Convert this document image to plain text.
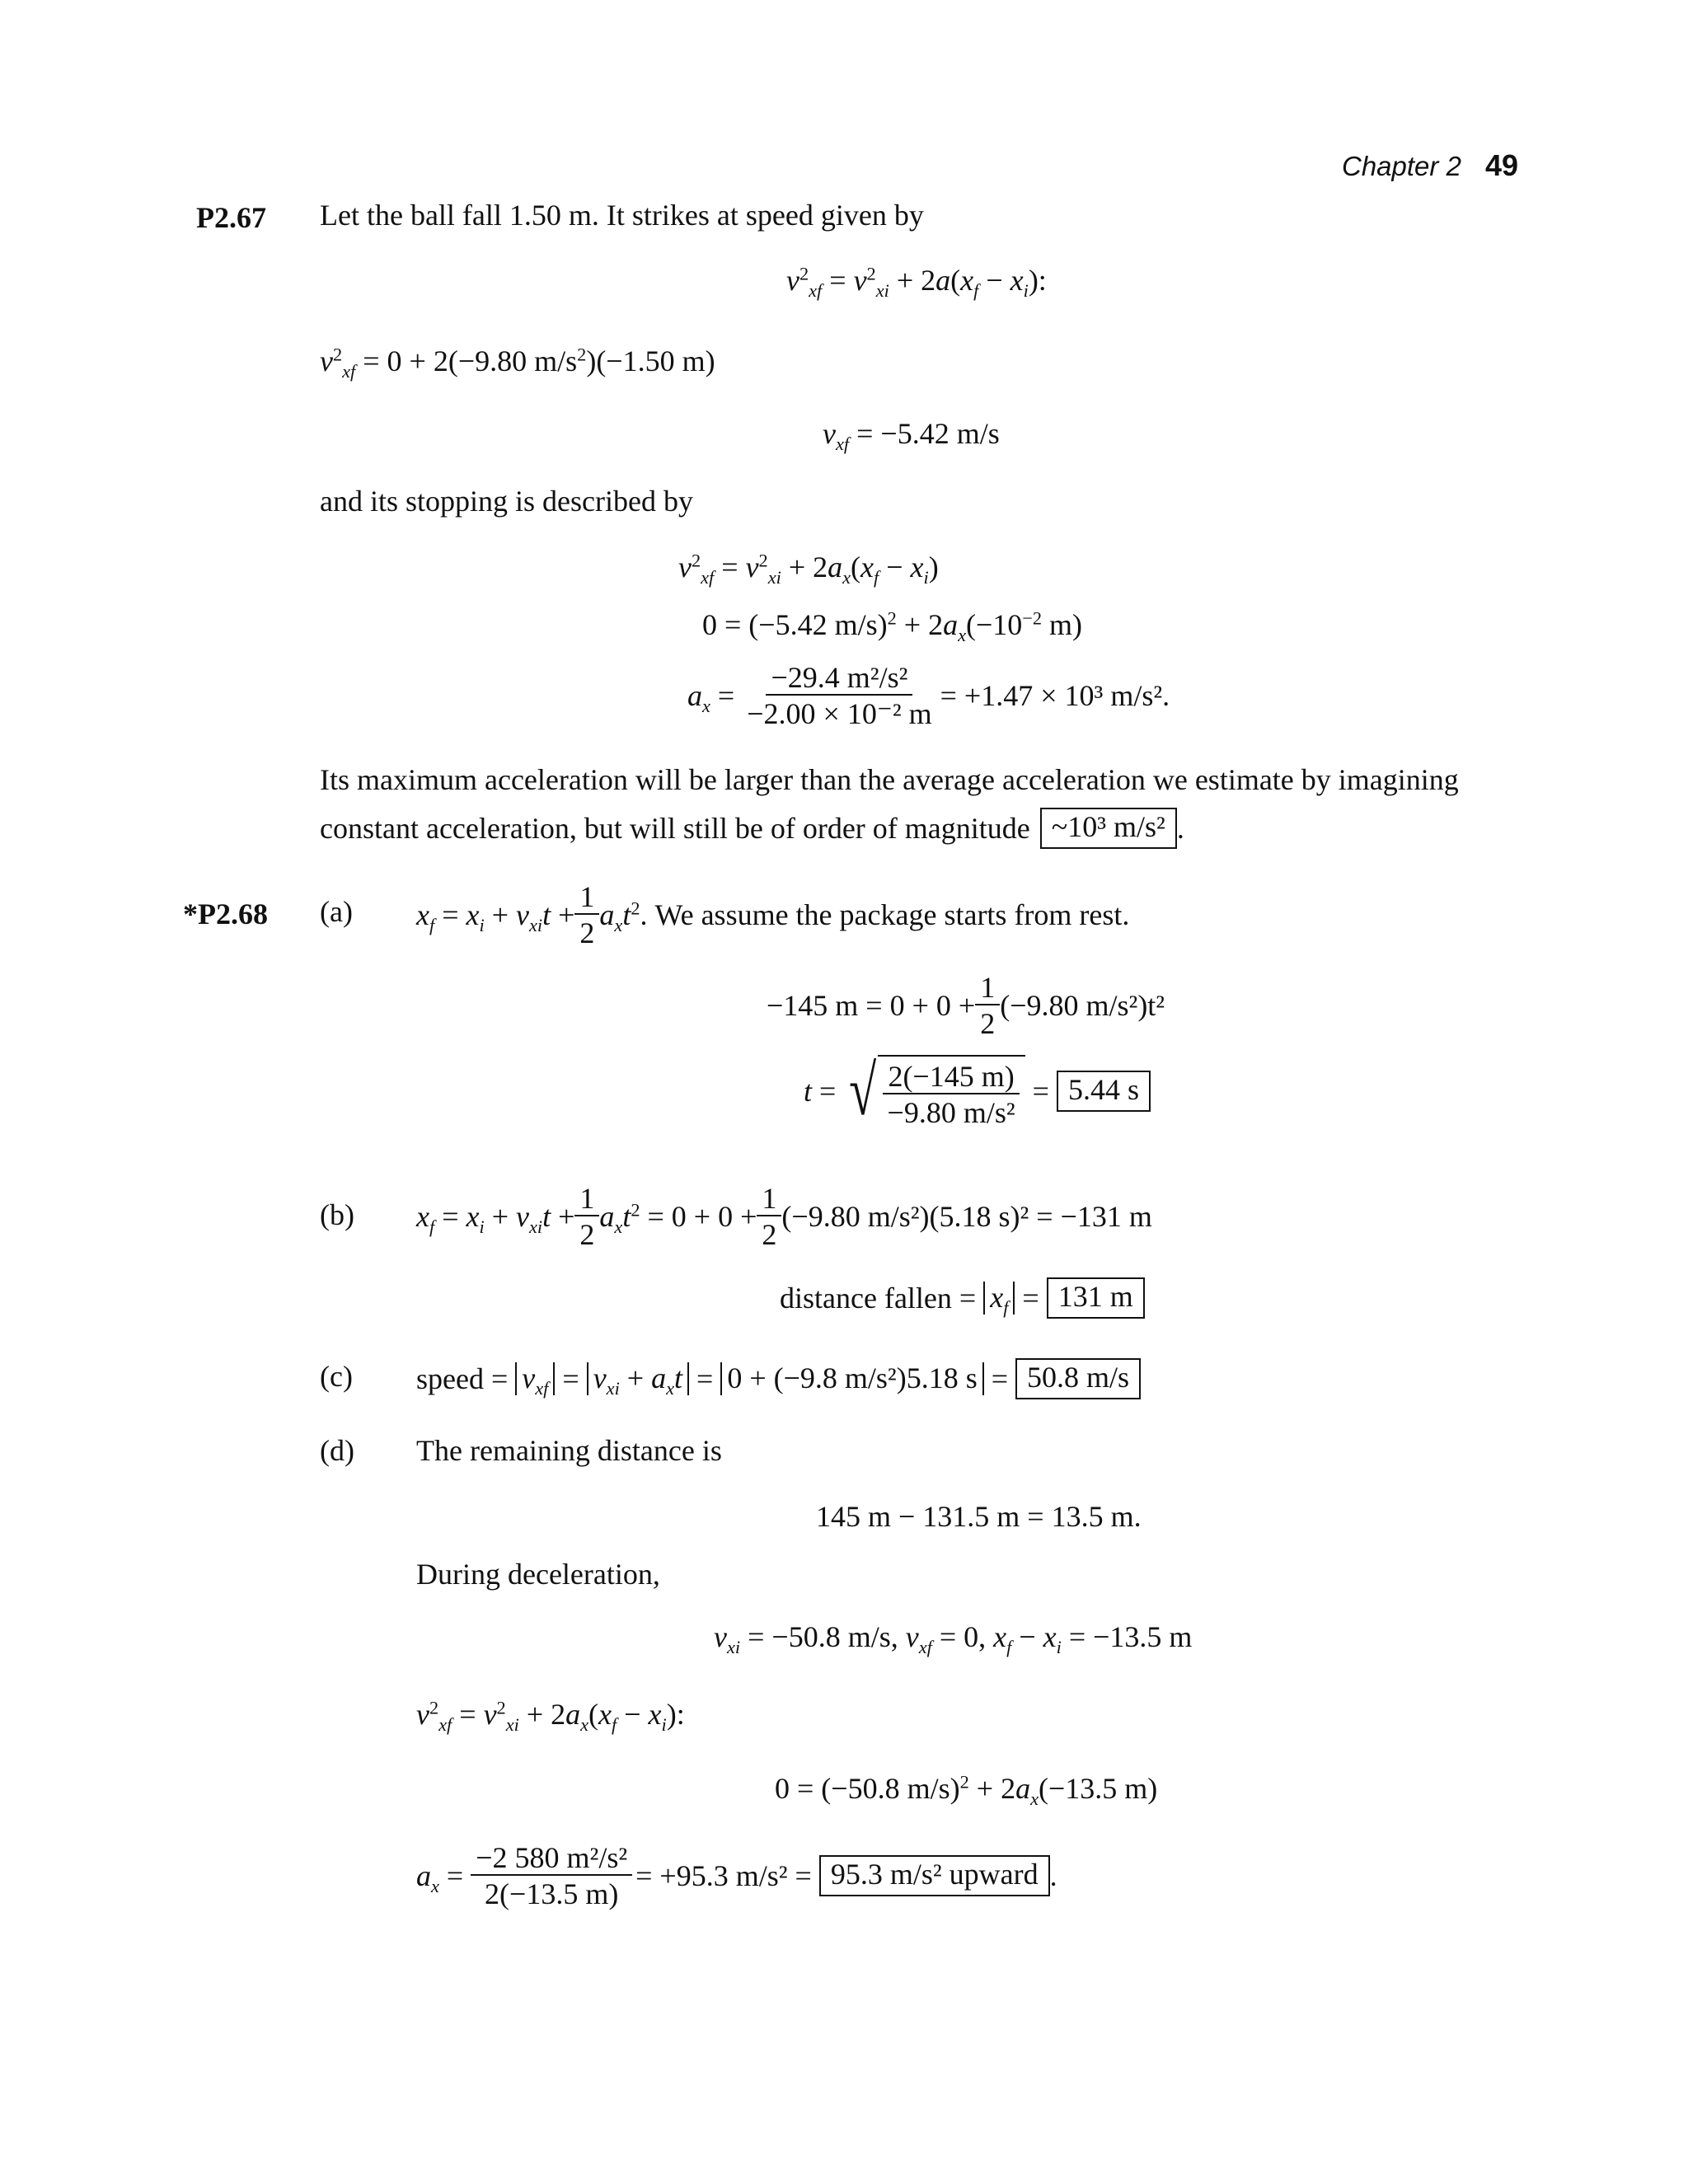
Chapter 2 49
P2.67 Let the ball fall 1.50 m. It strikes at speed given by
$v^2_{xf} = v^2_{xi} + 2a(x_f - x_i)$:
$v^2_{xf} = 0 + 2(-9.80$ $m/s^2)(-1.50$ m)
$v_{xf} = -5.42$ m/s
and its stopping is described by
$v^2_{xf} = v^2_{xi} + 2a_x(x_f - x_i)$
0 = (−5.42 $m/s)^2 + 2a_x(-10^{-2}$ m)
$a_x = \frac{\text{−29.4 m²/s²}}{\text{−2.00 × 10⁻² m}} = +1.47 \times 10^3$ m/s².
Its maximum acceleration will be larger than the average acceleration we estimate by imagining
constant acceleration, but will still be of order of magnitude ~10³ m/s² .
*P2.68 (a) $x_f = x_i + v_{xi}t + \frac{1}{2} a_xt^2$. We assume the package starts from rest.
−145 $m = 0 + 0 + \frac{1}{2} (-9.80$ m/s²)t²
t = √ $\frac{2(-145 m)}{\text{−9.80 m/s²}} = 5.44$ s
(b) $x_f = x_i + v_{xi}t + \frac{1}{2} a_xt^2 = 0 + 0 + \frac{1}{2} (-9.80$ m/s²)(5.18 s)² = −131 m
distance fallen =
$x_f = 131$ m
(c) speed =
$v_{xf} = v_{xi} + a_xt = 0 + (-9.8$ m/s²)5.18 s = 50.8 m/s
(d) The remaining distance is
145 m − 131.5 m = 13.5 m.
During deceleration,
$v_{xi} = -50.8$ m/s, $v_{xf} = 0$, $x_f - x_i = -13.5$ m
$v^2_{xf} = v^2_{xi} + 2a_x(x_f - x_i)$:
0 = (−50.8 $m/s)^2 + 2a_x(-13.5$ m)
$a_x = \frac{\text{−2 580 m²/s²}}{2(-13.5 m)} = +95.3$ m/s² =
95.3 m/s² upward .
